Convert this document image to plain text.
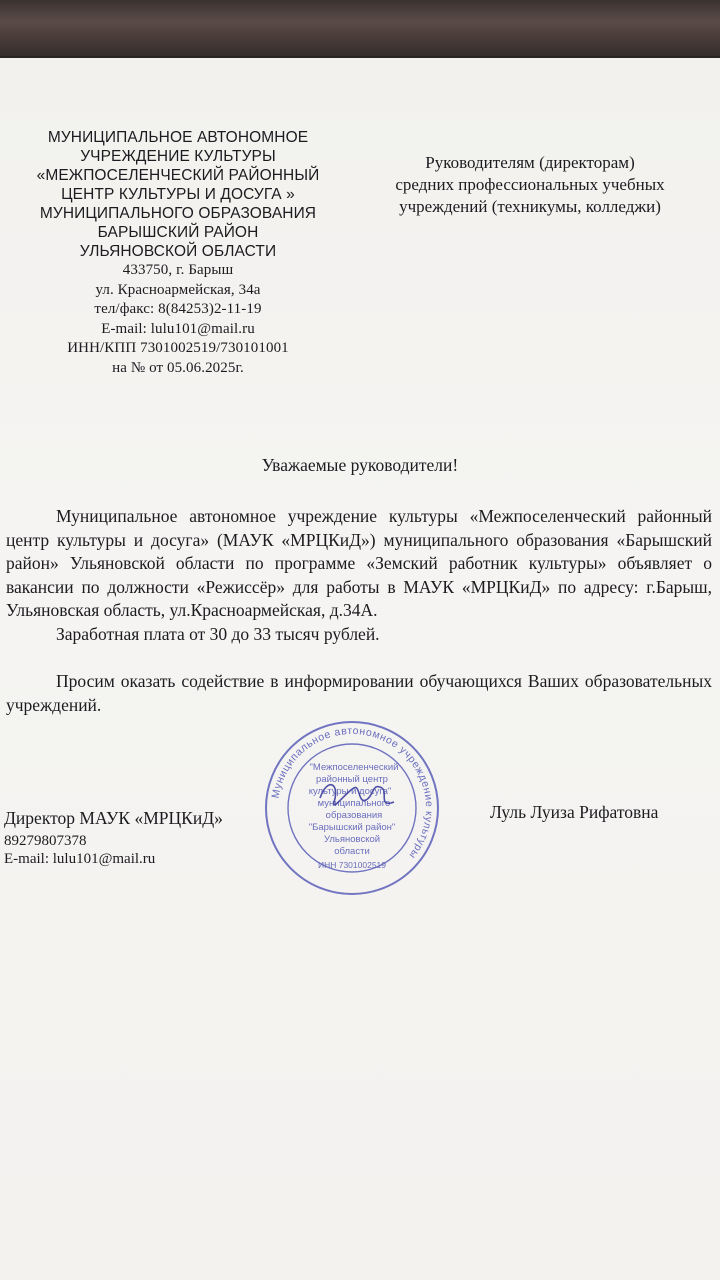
МУНИЦИПАЛЬНОЕ АВТОНОМНОЕ
УЧРЕЖДЕНИЕ КУЛЬТУРЫ
«МЕЖПОСЕЛЕНЧЕСКИЙ РАЙОННЫЙ
ЦЕНТР КУЛЬТУРЫ И ДОСУГА »
МУНИЦИПАЛЬНОГО ОБРАЗОВАНИЯ
БАРЫШСКИЙ РАЙОН
УЛЬЯНОВСКОЙ ОБЛАСТИ
433750, г. Барыш
ул. Красноармейская, 34а
тел/факс: 8(84253)2-11-19
E-mail: lulu101@mail.ru
ИНН/КПП 7301002519/730101001
на № от 05.06.2025г.
Руководителям (директорам)
средних профессиональных учебных
учреждений (техникумы, колледжи)
Уважаемые руководители!

Муниципальное автономное учреждение культуры «Межпоселенческий районный центр культуры и досуга» (МАУК «МРЦКиД») муниципального образования «Барышский район» Ульяновской области по программе «Земский работник культуры» объявляет о вакансии по должности «Режиссёр» для работы в МАУК «МРЦКиД» по адресу: г.Барыш, Ульяновская область, ул.Красноармейская, д.34А.

Заработная плата от 30 до 33 тысяч рублей.

Просим оказать содействие в информировании обучающихся Ваших образовательных учреждений.

Директор МАУК «МРЦКиД»
89279807378
E-mail: lulu101@mail.ru
Луль Луиза Рифатовна
Муниципальное автономное учреждение культуры
"Межпоселенческий
районный центр
культуры и досуга"
муниципального
образования
"Барышский район"
Ульяновской
области
ИНН 7301002519
